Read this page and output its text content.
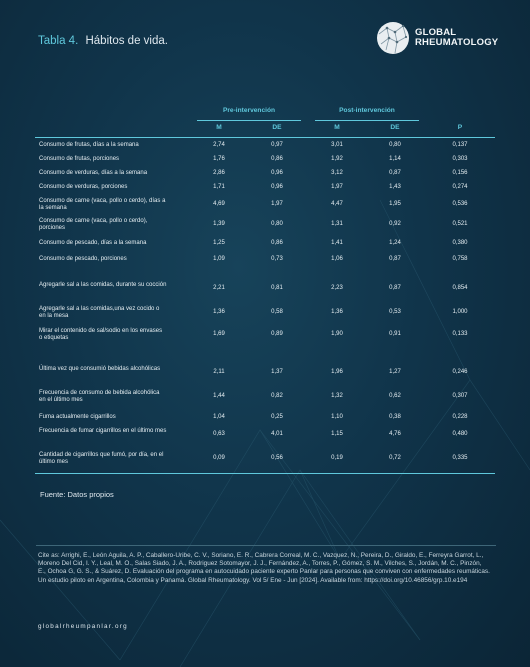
Tabla 4. Hábitos de vida.
GLOBAL
RHEUMATOLOGY
Pre-intervención	Post-intervención
M	DE	M	DE	P
Consumo de frutas, días a la semana	2,74	0,97	3,01	0,80	0,137
Consumo de frutas, porciones	1,76	0,86	1,92	1,14	0,303
Consumo de verduras, días a la semana	2,86	0,96	3,12	0,87	0,156
Consumo de verduras, porciones	1,71	0,96	1,97	1,43	0,274
Consumo de carne (vaca, pollo o cerdo), días a la semana
4,69	1,97	4,47	1,95	0,536
Consumo de carne (vaca, pollo o cerdo), porciones
1,39	0,80	1,31	0,92	0,521
Consumo de pescado, días a la semana	1,25	0,86	1,41	1,24	0,380
Consumo de pescado, porciones	1,09	0,73	1,06	0,87	0,758
Agregarle sal a las comidas, durante su cocción	2,21	0,81	2,23	0,87	0,854
Agregarle sal a las comidas,una vez cocido o en la mesa
1,36	0,58	1,36	0,53	1,000
Mirar el contenido de sal/sodio en los envases o etiquetas
1,69	0,89	1,90	0,91	0,133
Última vez que consumió bebidas alcohólicas	2,11	1,37	1,96	1,27	0,246
Frecuencia de consumo de bebida alcohólica en el último mes
1,44	0,82	1,32	0,62	0,307
Fuma actualmente cigarrillos	1,04	0,25	1,10	0,38	0,228
Frecuencia de fumar cigarrillos en el último mes	0,63	4,01	1,15	4,76	0,480
Cantidad de cigarrillos que fumó, por día, en el último mes
0,09	0,56	0,19	0,72	0,335
Fuente: Datos propios
Cite as: Arrighi, E., León Aguila, A. P., Caballero-Uribe, C. V., Soriano, E. R., Cabrera Correal, M. C., Vazquez, N., Pereira, D., Giraldo, E., Ferreyra Garrot, L., Moreno Del Cid, I. Y., Leal, M. O., Salas Siado, J. A., Rodriguez Sotomayor, J. J., Fernández, A., Torres, P., Gómez, S. M., Vilches, S., Jordán, M. C., Pinzón, E., Ochoa G, G. S., & Suárez, D. Evaluación del programa en autocuidado paciente experto Panlar para personas que conviven con enfermedades reumáticas. Un estudio piloto en Argentina, Colombia y Panamá. Global Rheumatology. Vol 5/ Ene - Jun [2024]. Available from: https://doi.org/10.46856/grp.10.e194
globalrheumpanlar.org
